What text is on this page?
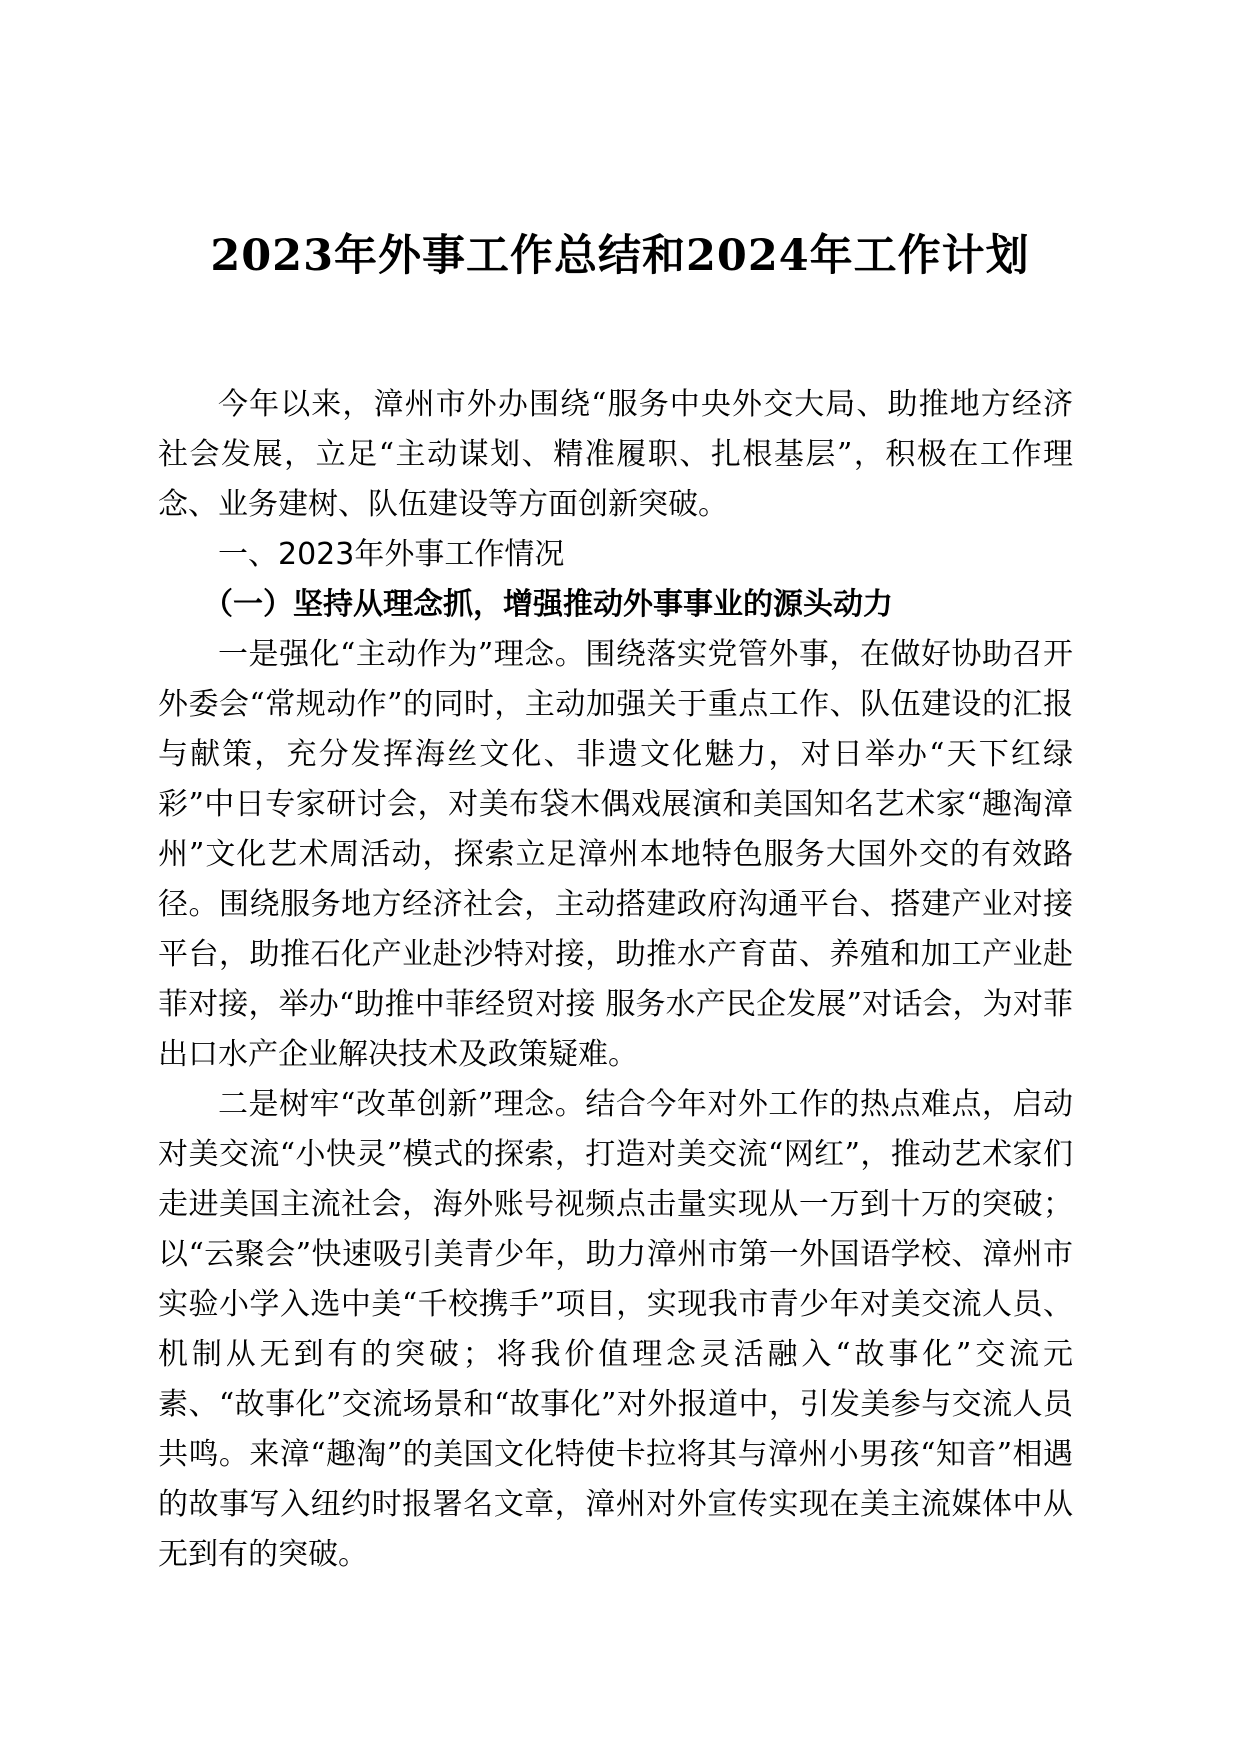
2023年外事工作总结和2024年工作计划

今年以来，漳州市外办围绕“服务中央外交大局、助推地方经济社会发展，立足“主动谋划、精准履职、扎根基层”，积极在工作理念、业务建树、队伍建设等方面创新突破。

一、2023年外事工作情况

（一）坚持从理念抓，增强推动外事事业的源头动力

一是强化“主动作为”理念。围绕落实党管外事，在做好协助召开外委会“常规动作”的同时，主动加强关于重点工作、队伍建设的汇报与献策，充分发挥海丝文化、非遗文化魅力，对日举办“天下红绿彩”中日专家研讨会，对美布袋木偶戏展演和美国知名艺术家“趣淘漳州”文化艺术周活动，探索立足漳州本地特色服务大国外交的有效路径。围绕服务地方经济社会，主动搭建政府沟通平台、搭建产业对接平台，助推石化产业赴沙特对接，助推水产育苗、养殖和加工产业赴菲对接，举办“助推中菲经贸对接 服务水产民企发展”对话会，为对菲出口水产企业解决技术及政策疑难。

二是树牢“改革创新”理念。结合今年对外工作的热点难点，启动对美交流“小快灵”模式的探索，打造对美交流“网红”，推动艺术家们走进美国主流社会，海外账号视频点击量实现从一万到十万的突破；以“云聚会”快速吸引美青少年，助力漳州市第一外国语学校、漳州市实验小学入选中美“千校携手”项目，实现我市青少年对美交流人员、机制从无到有的突破；将我价值理念灵活融入“故事化”交流元素、“故事化”交流场景和“故事化”对外报道中，引发美参与交流人员共鸣。来漳“趣淘”的美国文化特使卡拉将其与漳州小男孩“知音”相遇的故事写入纽约时报署名文章，漳州对外宣传实现在美主流媒体中从无到有的突破。
